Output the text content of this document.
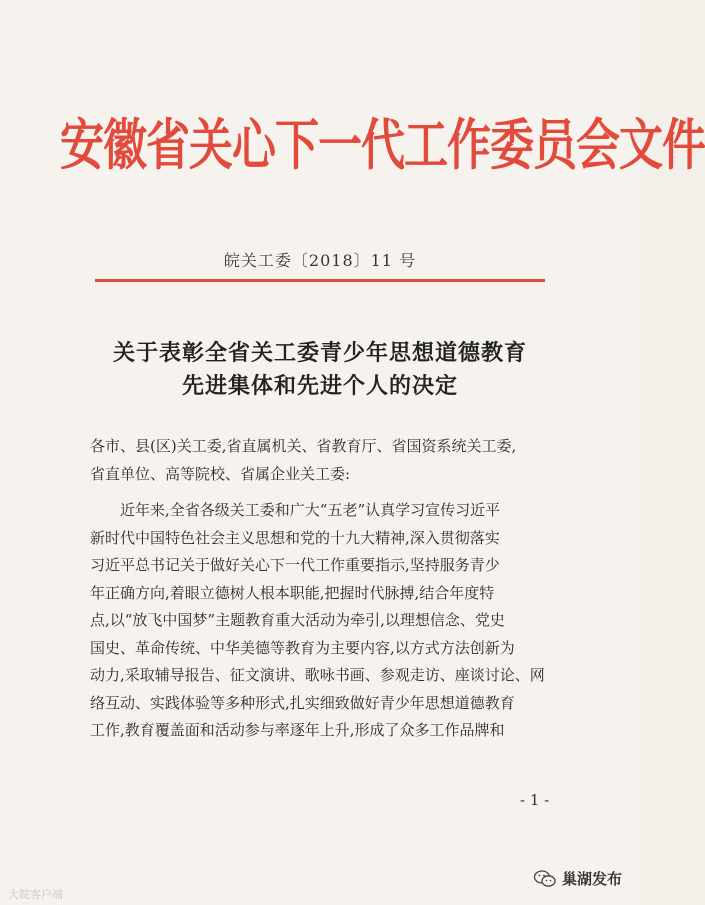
安徽省关心下一代工作委员会文件
皖关工委〔2018〕11 号
关于表彰全省关工委青少年思想道德教育
先进集体和先进个人的决定
各市、县(区)关工委,省直属机关、省教育厅、省国资系统关工委,
省直单位、高等院校、省属企业关工委:
　　近年来,全省各级关工委和广大“五老”认真学习宣传习近平
新时代中国特色社会主义思想和党的十九大精神,深入贯彻落实
习近平总书记关于做好关心下一代工作重要指示,坚持服务青少
年正确方向,着眼立德树人根本职能,把握时代脉搏,结合年度特
点,以“放飞中国梦”主题教育重大活动为牵引,以理想信念、党史
国史、革命传统、中华美德等教育为主要内容,以方式方法创新为
动力,采取辅导报告、征文演讲、歌咏书画、参观走访、座谈讨论、网
络互动、实践体验等多种形式,扎实细致做好青少年思想道德教育
工作,教育覆盖面和活动参与率逐年上升,形成了众多工作品牌和
- 1 -
大皖客户端
巢湖发布
